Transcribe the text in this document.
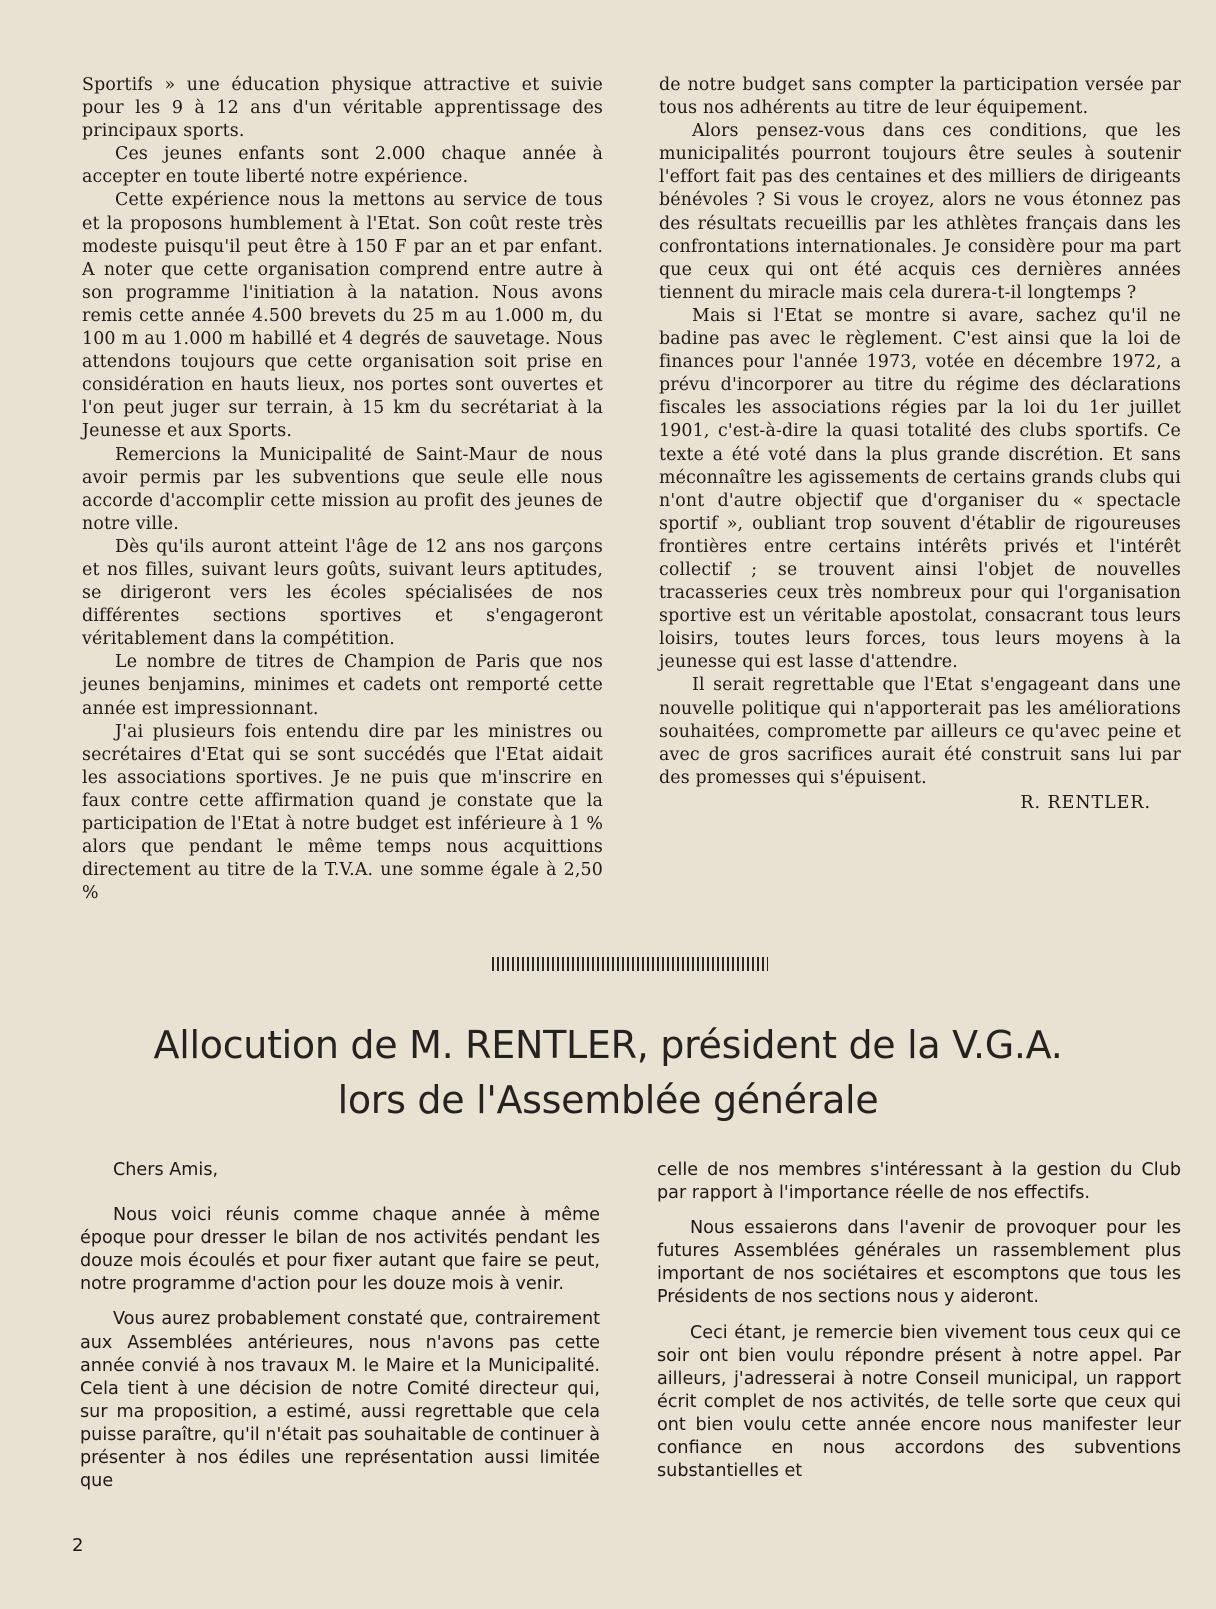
Sportifs » une éducation physique attractive et suivie pour les 9 à 12 ans d'un véritable apprentissage des principaux sports.

Ces jeunes enfants sont 2.000 chaque année à accepter en toute liberté notre expérience.

Cette expérience nous la mettons au service de tous et la proposons humblement à l'Etat. Son coût reste très modeste puisqu'il peut être à 150 F par an et par enfant. A noter que cette organisation comprend entre autre à son programme l'initiation à la natation. Nous avons remis cette année 4.500 brevets du 25 m au 1.000 m, du 100 m au 1.000 m habillé et 4 degrés de sauvetage. Nous attendons toujours que cette organisation soit prise en considération en hauts lieux, nos portes sont ouvertes et l'on peut juger sur terrain, à 15 km du secrétariat à la Jeunesse et aux Sports.

Remercions la Municipalité de Saint-Maur de nous avoir permis par les subventions que seule elle nous accorde d'accomplir cette mission au profit des jeunes de notre ville.

Dès qu'ils auront atteint l'âge de 12 ans nos garçons et nos filles, suivant leurs goûts, suivant leurs aptitudes, se dirigeront vers les écoles spécialisées de nos différentes sections sportives et s'engageront véritablement dans la compétition.

Le nombre de titres de Champion de Paris que nos jeunes benjamins, minimes et cadets ont remporté cette année est impressionnant.

J'ai plusieurs fois entendu dire par les ministres ou secrétaires d'Etat qui se sont succédés que l'Etat aidait les associations sportives. Je ne puis que m'inscrire en faux contre cette affirmation quand je constate que la participation de l'Etat à notre budget est inférieure à 1 % alors que pendant le même temps nous acquittions directement au titre de la T.V.A. une somme égale à 2,50 %

de notre budget sans compter la participation versée par tous nos adhérents au titre de leur équipement.

Alors pensez-vous dans ces conditions, que les municipalités pourront toujours être seules à soutenir l'effort fait pas des centaines et des milliers de dirigeants bénévoles ? Si vous le croyez, alors ne vous étonnez pas des résultats recueillis par les athlètes français dans les confrontations internationales. Je considère pour ma part que ceux qui ont été acquis ces dernières années tiennent du miracle mais cela durera-t-il longtemps ?

Mais si l'Etat se montre si avare, sachez qu'il ne badine pas avec le règlement. C'est ainsi que la loi de finances pour l'année 1973, votée en décembre 1972, a prévu d'incorporer au titre du régime des déclarations fiscales les associations régies par la loi du 1er juillet 1901, c'est-à-dire la quasi totalité des clubs sportifs. Ce texte a été voté dans la plus grande discrétion. Et sans méconnaître les agissements de certains grands clubs qui n'ont d'autre objectif que d'organiser du « spectacle sportif », oubliant trop souvent d'établir de rigoureuses frontières entre certains intérêts privés et l'intérêt collectif ; se trouvent ainsi l'objet de nouvelles tracasseries ceux très nombreux pour qui l'organisation sportive est un véritable apostolat, consacrant tous leurs loisirs, toutes leurs forces, tous leurs moyens à la jeunesse qui est lasse d'attendre.

Il serait regrettable que l'Etat s'engageant dans une nouvelle politique qui n'apporterait pas les améliorations souhaitées, compromette par ailleurs ce qu'avec peine et avec de gros sacrifices aurait été construit sans lui par des promesses qui s'épuisent.

R. RENTLER.

Allocution de M. RENTLER, président de la V.G.A.
lors de l'Assemblée générale

Chers Amis,

Nous voici réunis comme chaque année à même époque pour dresser le bilan de nos activités pendant les douze mois écoulés et pour fixer autant que faire se peut, notre programme d'action pour les douze mois à venir.

Vous aurez probablement constaté que, contrairement aux Assemblées antérieures, nous n'avons pas cette année convié à nos travaux M. le Maire et la Municipalité. Cela tient à une décision de notre Comité directeur qui, sur ma proposition, a estimé, aussi regrettable que cela puisse paraître, qu'il n'était pas souhaitable de continuer à présenter à nos édiles une représentation aussi limitée que

celle de nos membres s'intéressant à la gestion du Club par rapport à l'importance réelle de nos effectifs.

Nous essaierons dans l'avenir de provoquer pour les futures Assemblées générales un rassemblement plus important de nos sociétaires et escomptons que tous les Présidents de nos sections nous y aideront.

Ceci étant, je remercie bien vivement tous ceux qui ce soir ont bien voulu répondre présent à notre appel. Par ailleurs, j'adresserai à notre Conseil municipal, un rapport écrit complet de nos activités, de telle sorte que ceux qui ont bien voulu cette année encore nous manifester leur confiance en nous accordons des subventions substantielles et

2
